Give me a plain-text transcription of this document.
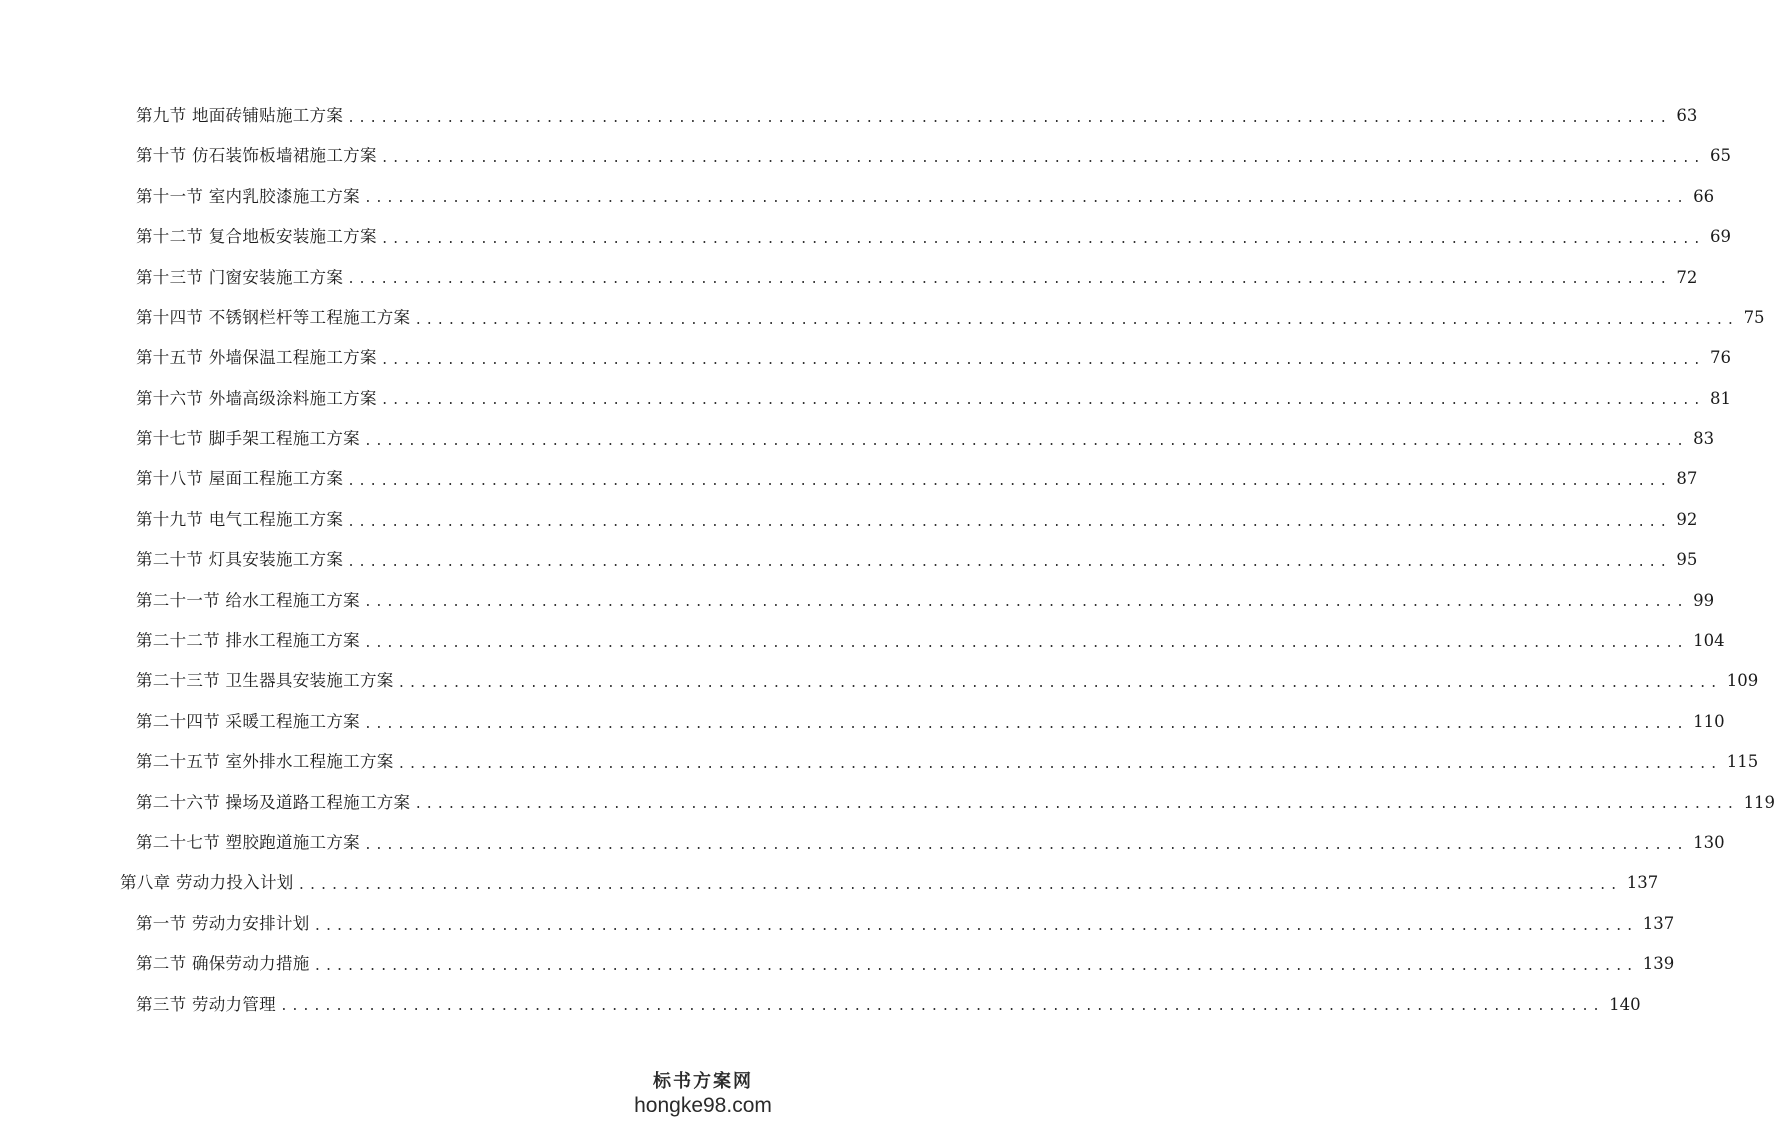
第九节 地面砖铺贴施工方案 ........................................................................................................................ 63
第十节 仿石装饰板墙裙施工方案 ........................................................................................................................ 65
第十一节 室内乳胶漆施工方案 ........................................................................................................................ 66
第十二节 复合地板安装施工方案 ........................................................................................................................ 69
第十三节 门窗安装施工方案 ........................................................................................................................ 72
第十四节 不锈钢栏杆等工程施工方案 ........................................................................................................................ 75
第十五节 外墙保温工程施工方案 ........................................................................................................................ 76
第十六节 外墙高级涂料施工方案 ........................................................................................................................ 81
第十七节 脚手架工程施工方案 ........................................................................................................................ 83
第十八节 屋面工程施工方案 ........................................................................................................................ 87
第十九节 电气工程施工方案 ........................................................................................................................ 92
第二十节 灯具安装施工方案 ........................................................................................................................ 95
第二十一节 给水工程施工方案 ........................................................................................................................ 99
第二十二节 排水工程施工方案 ........................................................................................................................ 104
第二十三节 卫生器具安装施工方案 ........................................................................................................................ 109
第二十四节 采暖工程施工方案 ........................................................................................................................ 110
第二十五节 室外排水工程施工方案 ........................................................................................................................ 115
第二十六节 操场及道路工程施工方案 ........................................................................................................................ 119
第二十七节 塑胶跑道施工方案 ........................................................................................................................ 130
第八章 劳动力投入计划 ........................................................................................................................ 137
第一节 劳动力安排计划 ........................................................................................................................ 137
第二节 确保劳动力措施 ........................................................................................................................ 139
第三节 劳动力管理 ........................................................................................................................ 140
标书方案网
hongke98.com
